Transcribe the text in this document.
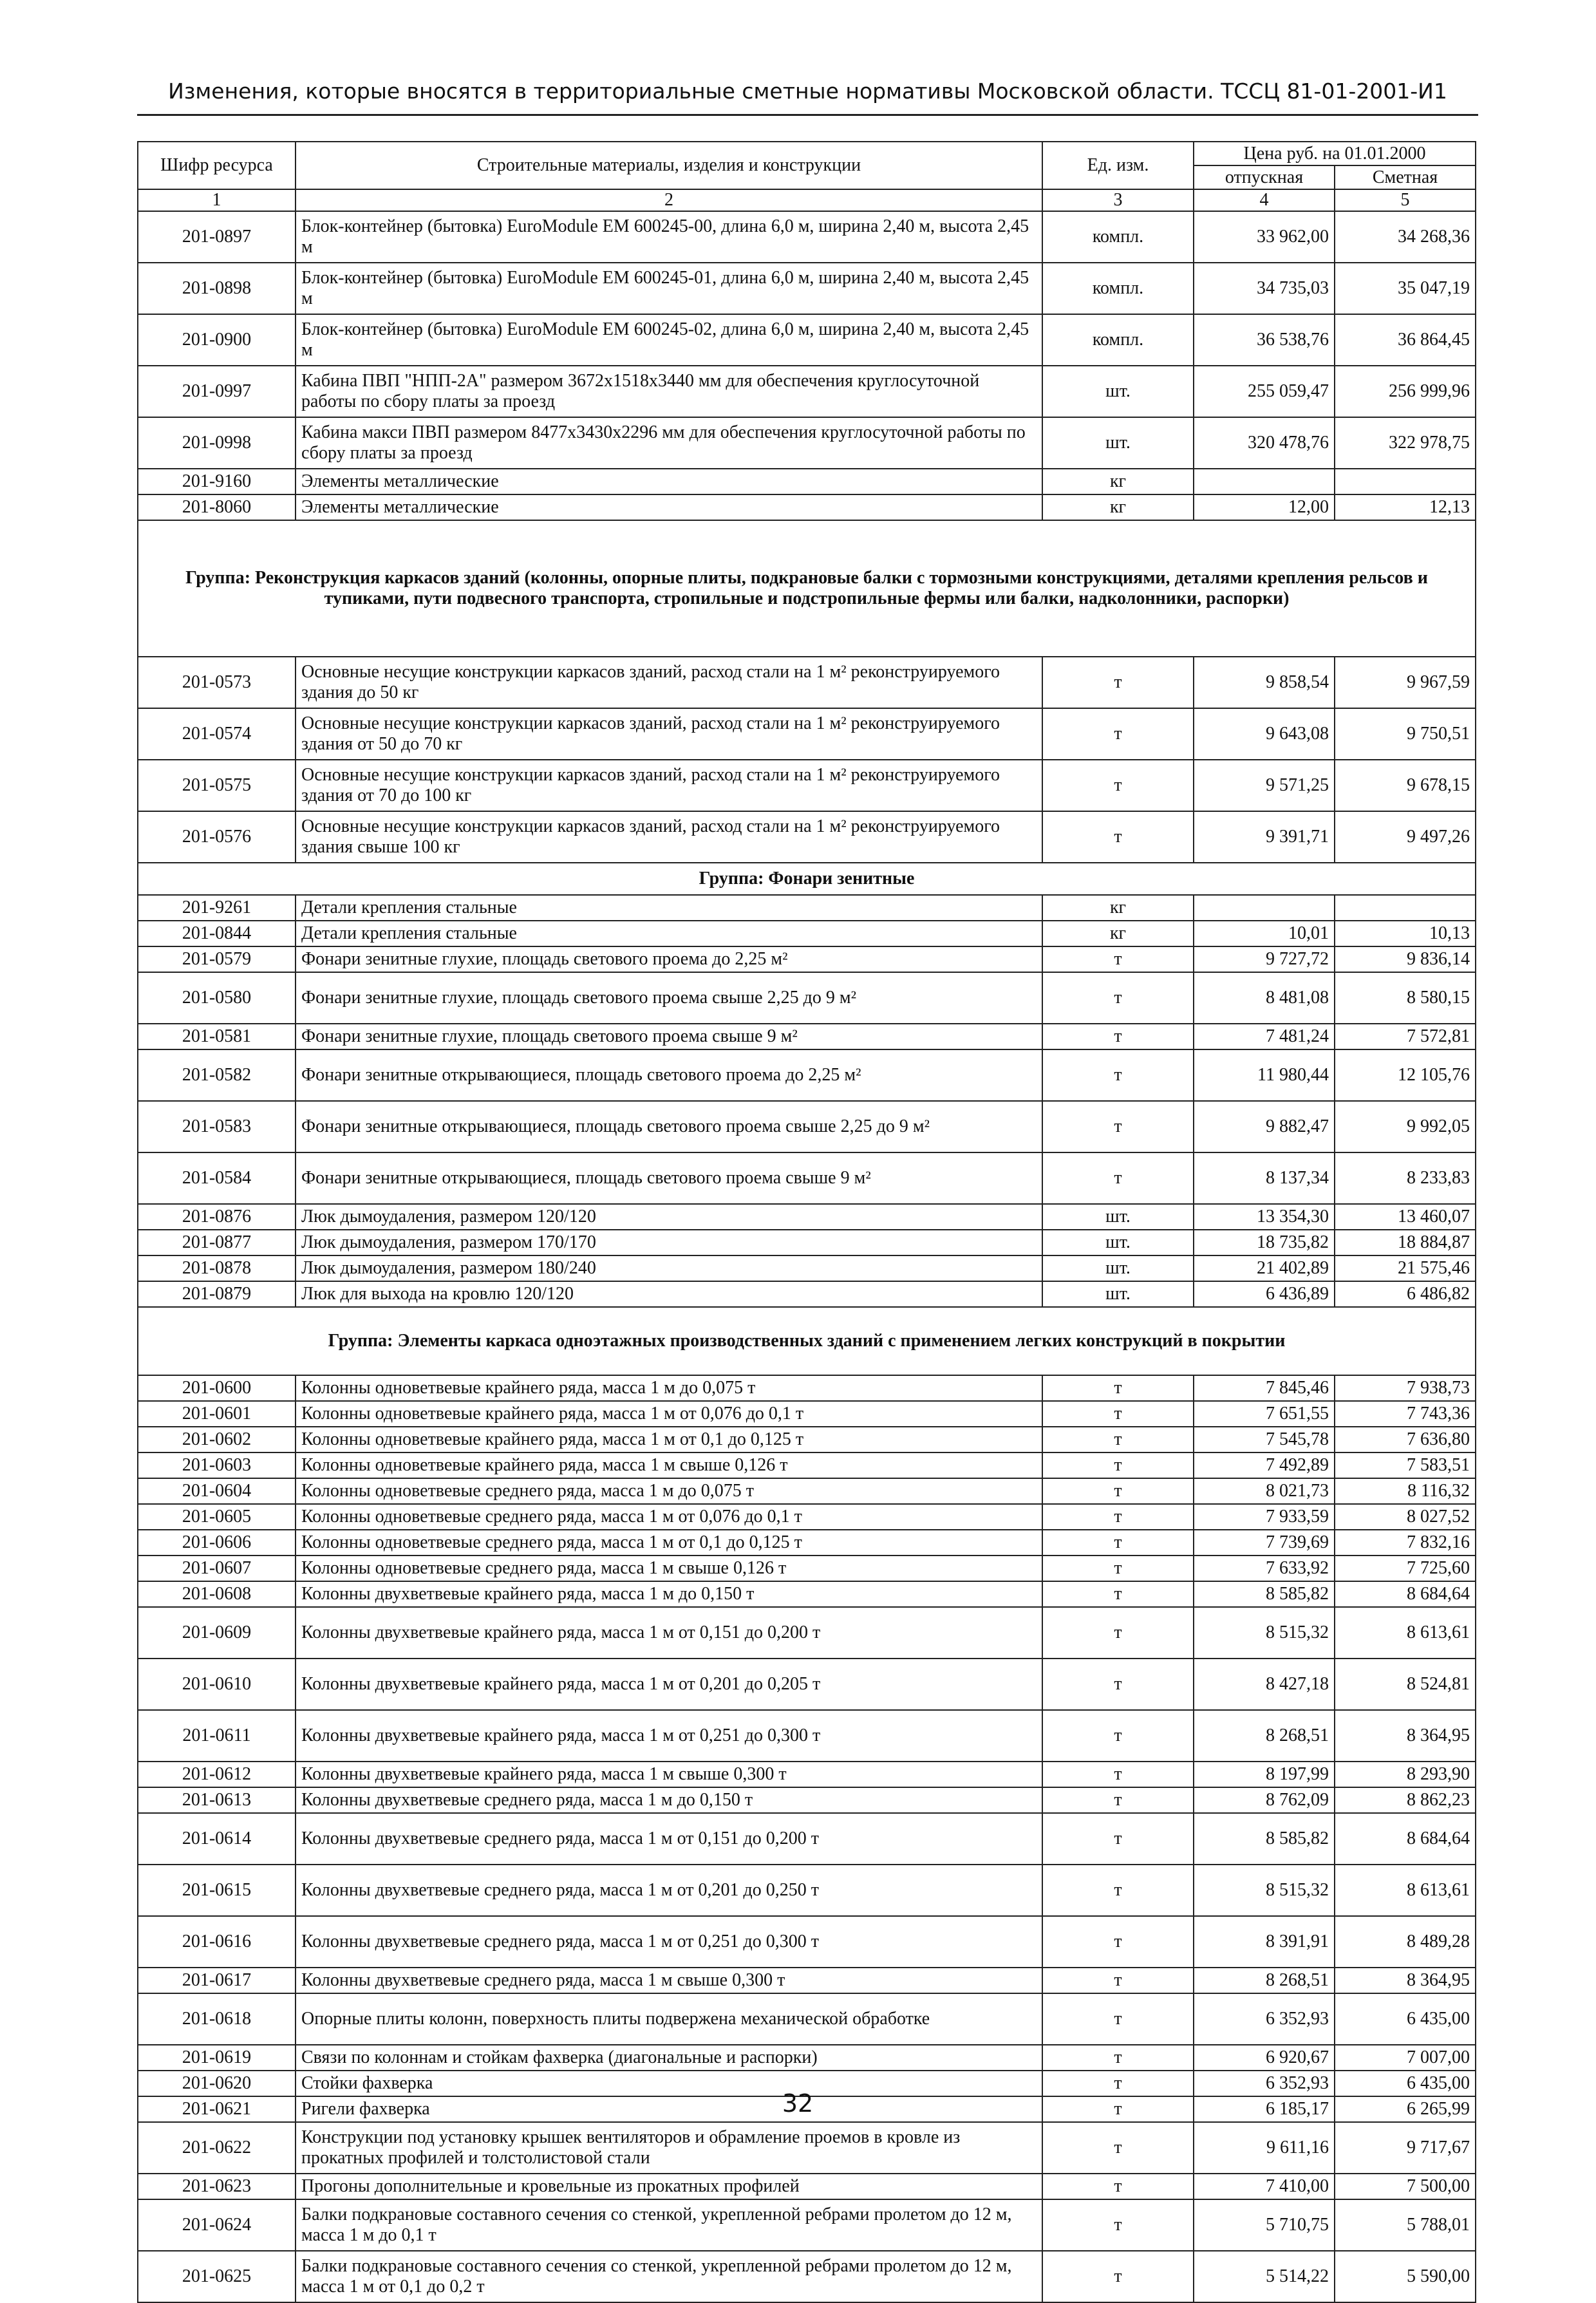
Изменения, которые вносятся в территориальные сметные нормативы Московской области. ТССЦ 81-01-2001-И1
Шифр ресурса	Строительные материалы, изделия и конструкции	Ед. изм.	Цена руб. на 01.01.2000	
			отпускная	Сметная
1	2	3	4	5
201-0897	Блок-контейнер (бытовка) EuroModule EM 600245-00, длина 6,0 м, ширина 2,40 м, высота 2,45 м	компл.	33 962,00	34 268,36
201-0898	Блок-контейнер (бытовка) EuroModule EM 600245-01, длина 6,0 м, ширина 2,40 м, высота 2,45 м	компл.	34 735,03	35 047,19
201-0900	Блок-контейнер (бытовка) EuroModule EM 600245-02, длина 6,0 м, ширина 2,40 м, высота 2,45 м	компл.	36 538,76	36 864,45
201-0997	Кабина ПВП "НПП-2А" размером 3672х1518х3440 мм для обеспечения круглосуточной работы по сбору платы за проезд	шт.	255 059,47	256 999,96
201-0998	Кабина макси ПВП размером 8477х3430х2296 мм для обеспечения круглосуточной работы по сбору платы за проезд	шт.	320 478,76	322 978,75
201-9160	Элементы металлические	кг		
201-8060	Элементы металлические	кг	12,00	12,13
Группа: Реконструкция каркасов зданий (колонны, опорные плиты, подкрановые балки с тормозными конструкциями, деталями крепления рельсов и тупиками, пути подвесного транспорта, стропильные и подстропильные фермы или балки, надколонники, распорки)				
201-0573	Основные несущие конструкции каркасов зданий, расход стали на 1 м² реконструируемого здания до 50 кг	т	9 858,54	9 967,59
201-0574	Основные несущие конструкции каркасов зданий, расход стали на 1 м² реконструируемого здания от 50 до 70 кг	т	9 643,08	9 750,51
201-0575	Основные несущие конструкции каркасов зданий, расход стали на 1 м² реконструируемого здания от 70 до 100 кг	т	9 571,25	9 678,15
201-0576	Основные несущие конструкции каркасов зданий, расход стали на 1 м² реконструируемого здания свыше 100 кг	т	9 391,71	9 497,26
Группа: Фонари зенитные				
201-9261	Детали крепления стальные	кг		
201-0844	Детали крепления стальные	кг	10,01	10,13
201-0579	Фонари зенитные глухие, площадь светового проема до 2,25 м²	т	9 727,72	9 836,14
201-0580	Фонари зенитные глухие, площадь светового проема свыше 2,25 до 9 м²	т	8 481,08	8 580,15
201-0581	Фонари зенитные глухие, площадь светового проема свыше 9 м²	т	7 481,24	7 572,81
201-0582	Фонари зенитные открывающиеся, площадь светового проема до 2,25 м²	т	11 980,44	12 105,76
201-0583	Фонари зенитные открывающиеся, площадь светового проема свыше 2,25 до 9 м²	т	9 882,47	9 992,05
201-0584	Фонари зенитные открывающиеся, площадь светового проема свыше 9 м²	т	8 137,34	8 233,83
201-0876	Люк дымоудаления, размером 120/120	шт.	13 354,30	13 460,07
201-0877	Люк дымоудаления, размером 170/170	шт.	18 735,82	18 884,87
201-0878	Люк дымоудаления, размером 180/240	шт.	21 402,89	21 575,46
201-0879	Люк для выхода на кровлю 120/120	шт.	6 436,89	6 486,82
Группа: Элементы каркаса одноэтажных производственных зданий с применением легких конструкций в покрытии				
201-0600	Колонны одноветвевые крайнего ряда, масса 1 м до 0,075 т	т	7 845,46	7 938,73
201-0601	Колонны одноветвевые крайнего ряда, масса 1 м от 0,076 до 0,1 т	т	7 651,55	7 743,36
201-0602	Колонны одноветвевые крайнего ряда, масса 1 м от 0,1 до 0,125 т	т	7 545,78	7 636,80
201-0603	Колонны одноветвевые крайнего ряда, масса 1 м свыше 0,126 т	т	7 492,89	7 583,51
201-0604	Колонны одноветвевые среднего ряда, масса 1 м до 0,075 т	т	8 021,73	8 116,32
201-0605	Колонны одноветвевые среднего ряда, масса 1 м от 0,076 до 0,1 т	т	7 933,59	8 027,52
201-0606	Колонны одноветвевые среднего ряда, масса 1 м от 0,1 до 0,125 т	т	7 739,69	7 832,16
201-0607	Колонны одноветвевые среднего ряда, масса 1 м свыше 0,126 т	т	7 633,92	7 725,60
201-0608	Колонны двухветвевые крайнего ряда, масса 1 м до 0,150 т	т	8 585,82	8 684,64
201-0609	Колонны двухветвевые крайнего ряда, масса 1 м от 0,151 до 0,200 т	т	8 515,32	8 613,61
201-0610	Колонны двухветвевые крайнего ряда, масса 1 м от 0,201 до 0,205 т	т	8 427,18	8 524,81
201-0611	Колонны двухветвевые крайнего ряда, масса 1 м от 0,251 до 0,300 т	т	8 268,51	8 364,95
201-0612	Колонны двухветвевые крайнего ряда, масса 1 м свыше 0,300 т	т	8 197,99	8 293,90
201-0613	Колонны двухветвевые среднего ряда, масса 1 м до 0,150 т	т	8 762,09	8 862,23
201-0614	Колонны двухветвевые среднего ряда, масса 1 м от 0,151 до 0,200 т	т	8 585,82	8 684,64
201-0615	Колонны двухветвевые среднего ряда, масса 1 м от 0,201 до 0,250 т	т	8 515,32	8 613,61
201-0616	Колонны двухветвевые среднего ряда, масса 1 м от 0,251 до 0,300 т	т	8 391,91	8 489,28
201-0617	Колонны двухветвевые среднего ряда, масса 1 м свыше 0,300 т	т	8 268,51	8 364,95
201-0618	Опорные плиты колонн, поверхность плиты подвержена механической обработке	т	6 352,93	6 435,00
201-0619	Связи по колоннам и стойкам фахверка (диагональные и распорки)	т	6 920,67	7 007,00
201-0620	Стойки фахверка	т	6 352,93	6 435,00
201-0621	Ригели фахверка	т	6 185,17	6 265,99
201-0622	Конструкции под установку крышек вентиляторов и обрамление проемов в кровле из прокатных профилей и толстолистовой стали	т	9 611,16	9 717,67
201-0623	Прогоны дополнительные и кровельные из прокатных профилей	т	7 410,00	7 500,00
201-0624	Балки подкрановые составного сечения со стенкой, укрепленной ребрами пролетом до 12 м, масса 1 м до 0,1 т	т	5 710,75	5 788,01
201-0625	Балки подкрановые составного сечения со стенкой, укрепленной ребрами пролетом до 12 м, масса 1 м от 0,1 до 0,2 т	т	5 514,22	5 590,00
32
